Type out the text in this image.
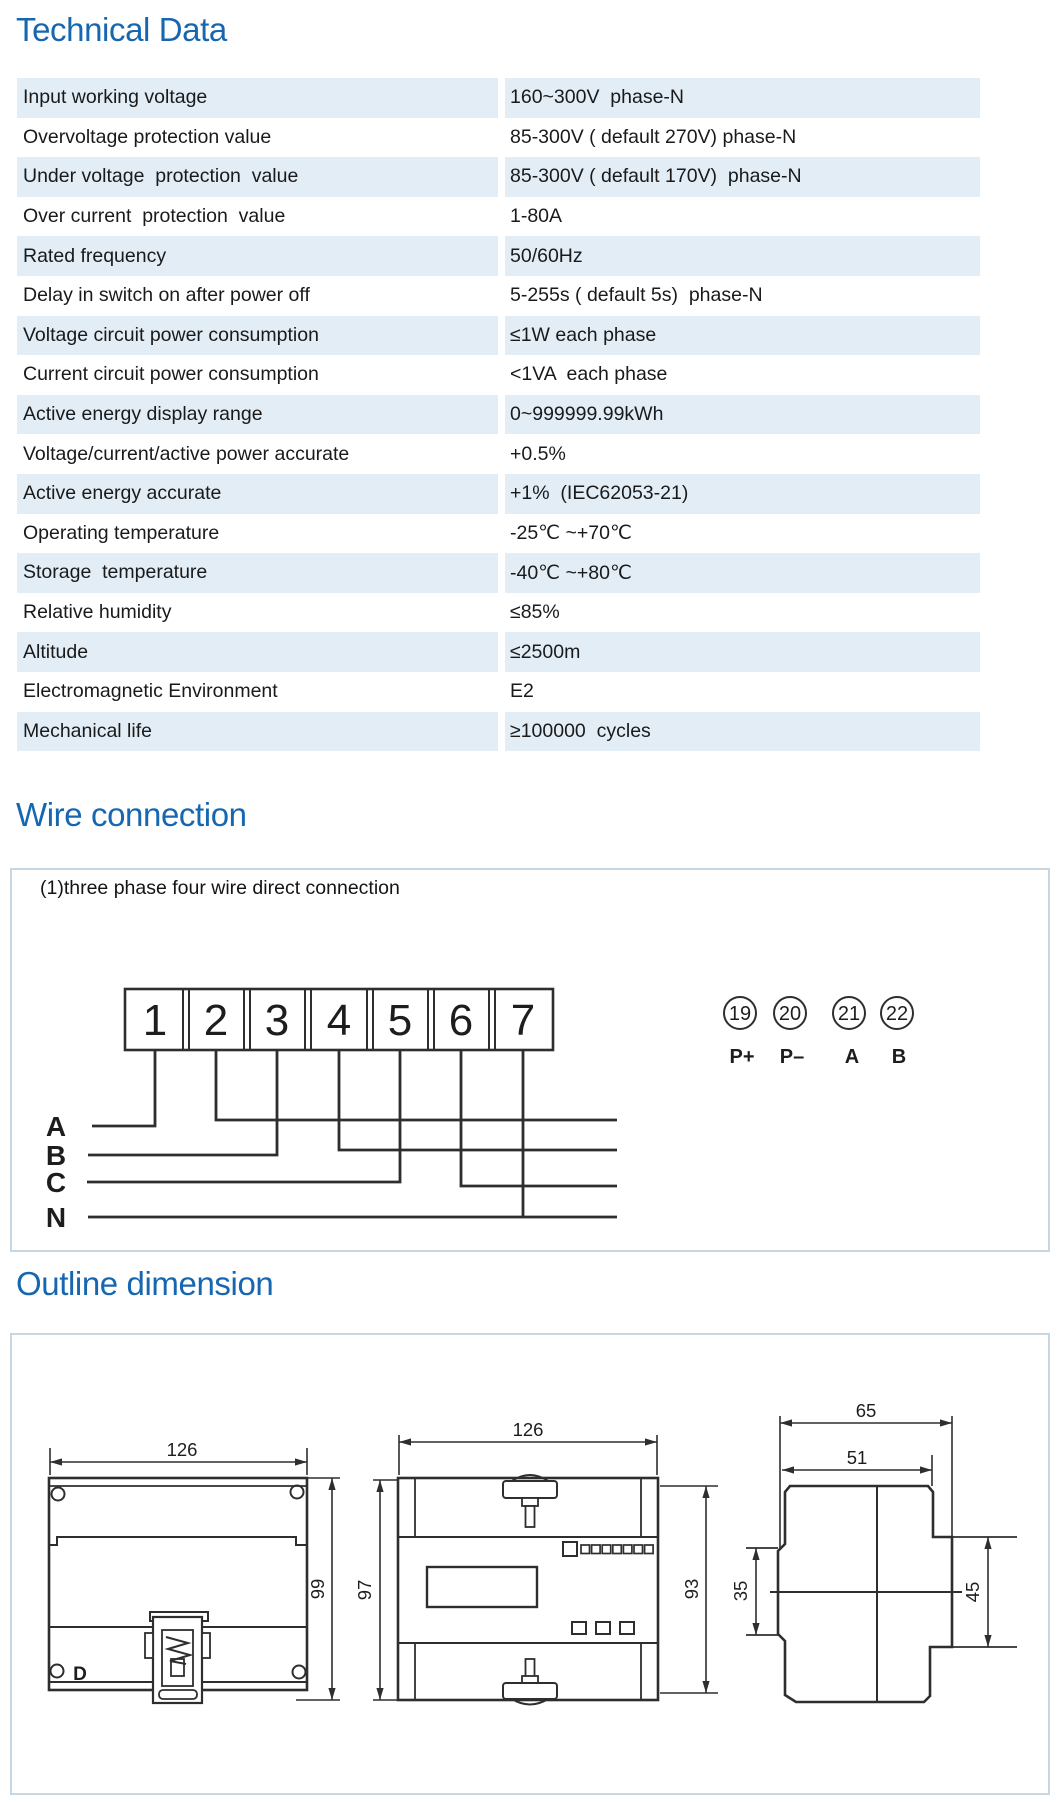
Technical Data
Input working voltage	160~300V  phase-N
Overvoltage protection value	85-300V ( default 270V) phase-N
Under voltage  protection  value	85-300V ( default 170V)  phase-N
Over current  protection  value	1-80A
Rated frequency	50/60Hz
Delay in switch on after power off	5-255s ( default 5s)  phase-N
Voltage circuit power consumption	≤1W each phase
Current circuit power consumption	<1VA  each phase
Active energy display range	0~999999.99kWh
Voltage/current/active power accurate	+0.5%
Active energy accurate	+1%  (IEC62053-21)
Operating temperature	-25℃ ~+70℃
Storage  temperature	-40℃ ~+80℃
Relative humidity	≤85%
Altitude	≤2500m
Electromagnetic Environment	E2
Mechanical life	≥100000  cycles
Wire connection
(1)three phase four wire direct connection
Outline dimension
1 2 3 4 5 6 7
A
B
C
N
19 20 21 22
P+ P– A B
126
D
99
126
97	93
65
51
35	45
